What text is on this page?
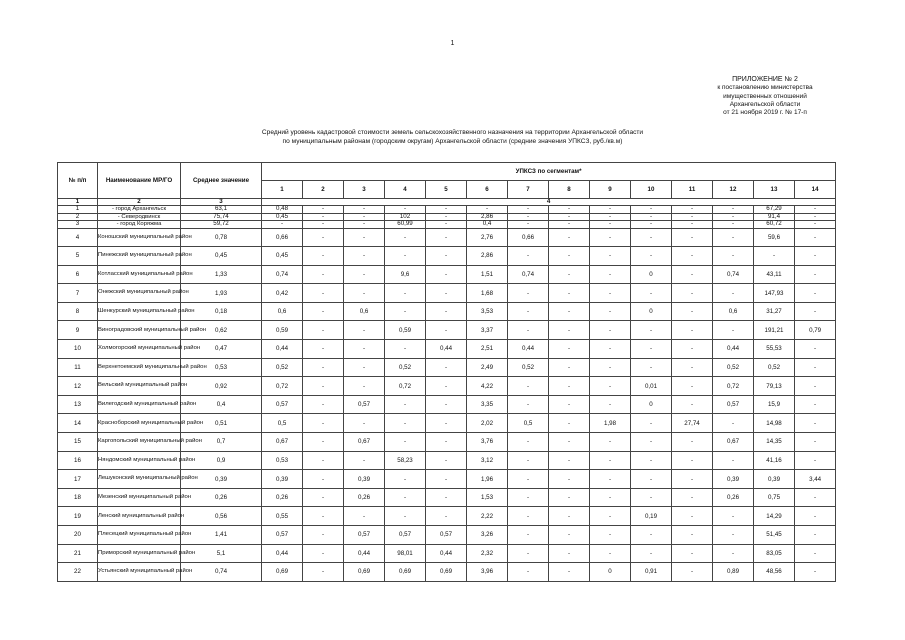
1
ПРИЛОЖЕНИЕ № 2
к постановлению министерства
имущественных отношений
Архангельской области
от 21 ноября 2019 г. № 17-п
Средний уровень кадастровой стоимости земель сельскохозяйственного назначения на территории Архангельской области
по муниципальным районам (городским округам) Архангельской области (средние значения УПКСЗ, руб./кв.м)
№ п/п	Наименование МР/ГО	Среднее значение	УПКСЗ по сегментам*													
			1	2	3	4	5	6	7	8	9	10	11	12	13	14
1	2	3	4													
1	- город Архангельск	63,1	0,48	-	-	-	-	-	-	-	-	-	-	-	67,29	-
2	- Северодвинск	75,74	0,45	-	-	102	-	2,86	-	-	-	-	-	-	91,4	-
3	- город Коряжма	59,72	-	-	-	60,99	-	0,4	-	-	-	-	-	-	60,72	-
4	Коношский муниципальный район	0,78	0,66	-	-	-	-	2,76	0,66	-	-	-	-	-	59,6	-
5	Пинежский муниципальный район	0,45	0,45	-	-	-	-	2,86	-	-	-	-	-	-	-	-
6	Котласский муниципальный район	1,33	0,74	-	-	9,6	-	1,51	0,74	-	-	0	-	0,74	43,11	-
7	Онежский муниципальный район	1,93	0,42	-	-	-	-	1,68	-	-	-	-	-	-	147,93	-
8	Шенкурский муниципальный район	0,18	0,6	-	0,6	-	-	3,53	-	-	-	0	-	0,6	31,27	-
9	Виноградовский муниципальный район	0,62	0,59	-	-	0,59	-	3,37	-	-	-	-	-	-	191,21	0,79
10	Холмогорский муниципальный район	0,47	0,44	-	-	-	0,44	2,51	0,44	-	-	-	-	0,44	55,53	-
11	Верхнетоемский муниципальный район	0,53	0,52	-	-	0,52	-	2,49	0,52	-	-	-	-	0,52	0,52	-
12	Вельский муниципальный район	0,92	0,72	-	-	0,72	-	4,22	-	-	-	0,01	-	0,72	79,13	-
13	Вилегодский муниципальный район	0,4	0,57	-	0,57	-	-	3,35	-	-	-	0	-	0,57	15,9	-
14	Красноборский муниципальный район	0,51	0,5	-	-	-	-	2,02	0,5	-	1,98	-	27,74	-	14,98	-
15	Каргопольский муниципальный район	0,7	0,67	-	0,67	-	-	3,76	-	-	-	-	-	0,67	14,35	-
16	Няндомский муниципальный район	0,9	0,53	-	-	58,23	-	3,12	-	-	-	-	-	-	41,16	-
17	Лешуконский муниципальный район	0,39	0,39	-	0,39	-	-	1,96	-	-	-	-	-	0,39	0,39	3,44
18	Мезенский муниципальный район	0,26	0,26	-	0,26	-	-	1,53	-	-	-	-	-	0,26	0,75	-
19	Ленский муниципальный район	0,56	0,55	-	-	-	-	2,22	-	-	-	0,19	-	-	14,29	-
20	Плесецкий муниципальный район	1,41	0,57	-	0,57	0,57	0,57	3,26	-	-	-	-	-	-	51,45	-
21	Приморский муниципальный район	5,1	0,44	-	0,44	98,01	0,44	2,32	-	-	-	-	-	-	83,05	-
22	Устьянский муниципальный район	0,74	0,69	-	0,69	0,69	0,69	3,96	-	-	0	0,91	-	0,89	48,56	-
